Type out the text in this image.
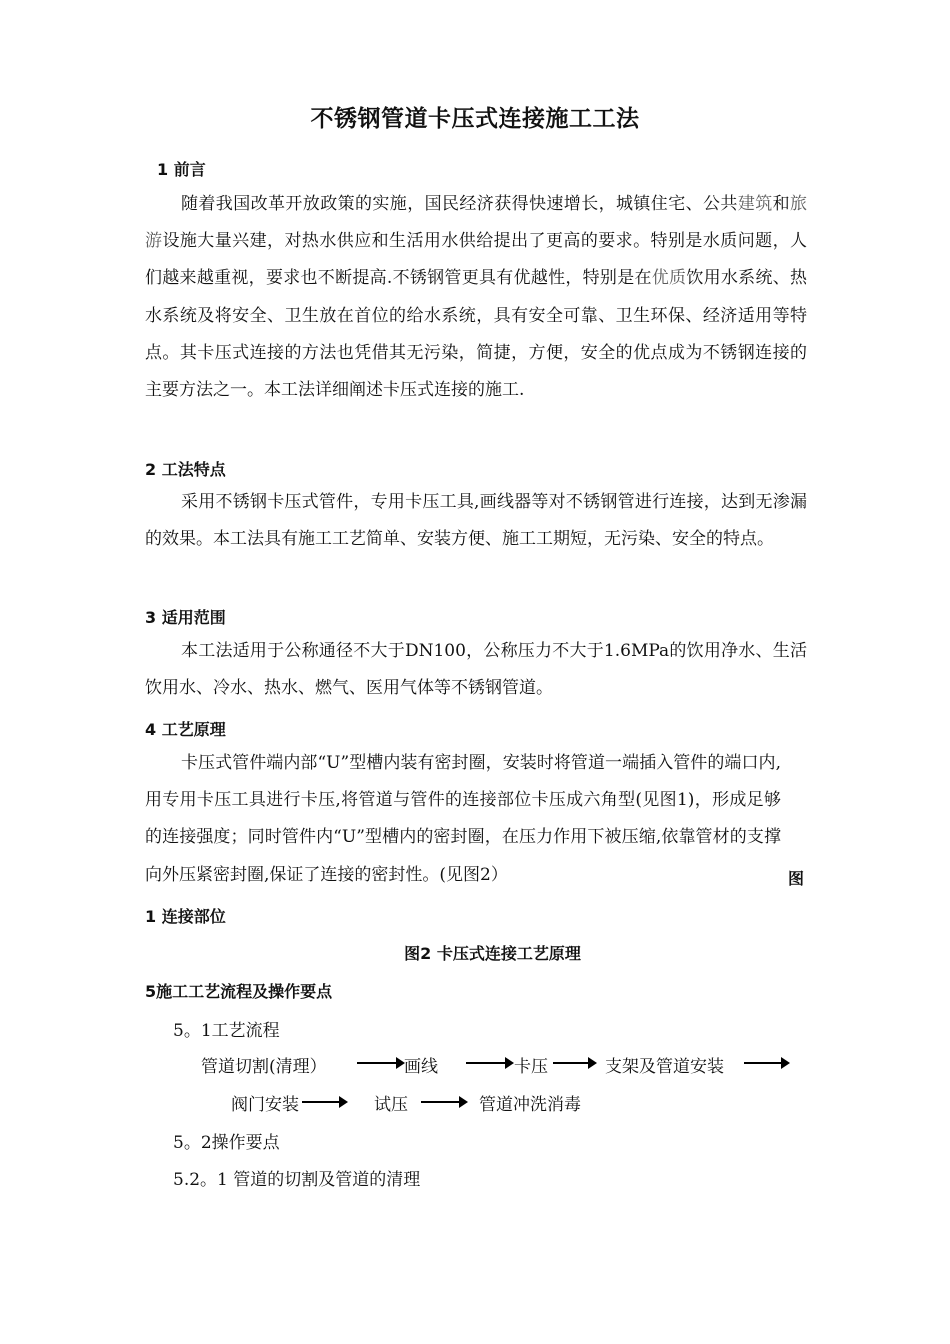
不锈钢管道卡压式连接施工工法
1 前言

随着我国改革开放政策的实施，国民经济获得快速增长，城镇住宅、公共建筑和旅游设施大量兴建，对热水供应和生活用水供给提出了更高的要求。特别是水质问题，人们越来越重视，要求也不断提高.不锈钢管更具有优越性，特别是在优质饮用水系统、热水系统及将安全、卫生放在首位的给水系统，具有安全可靠、卫生环保、经济适用等特点。其卡压式连接的方法也凭借其无污染，简捷，方便，安全的优点成为不锈钢连接的主要方法之一。本工法详细阐述卡压式连接的施工.

2 工法特点

采用不锈钢卡压式管件，专用卡压工具,画线器等对不锈钢管进行连接，达到无渗漏的效果。本工法具有施工工艺简单、安装方便、施工工期短，无污染、安全的特点。

3 适用范围

本工法适用于公称通径不大于DN100，公称压力不大于1.6MPa的饮用净水、生活饮用水、冷水、热水、燃气、医用气体等不锈钢管道。

4 工艺原理

卡压式管件端内部“U”型槽内装有密封圈，安装时将管道一端插入管件的端口内,用专用卡压工具进行卡压,将管道与管件的连接部位卡压成六角型(见图1)，形成足够的连接强度；同时管件内“U”型槽内的密封圈，在压力作用下被压缩,依靠管材的支撑向外压紧密封圈,保证了连接的密封性。(见图2）	图
1 连接部位
图2 卡压式连接工艺原理
5施工工艺流程及操作要点
5。1工艺流程
管道切割(清理）	画线	卡压	支架及管道安装
阀门安装	试压	管道冲洗消毒
5。2操作要点
5.2。1 管道的切割及管道的清理
